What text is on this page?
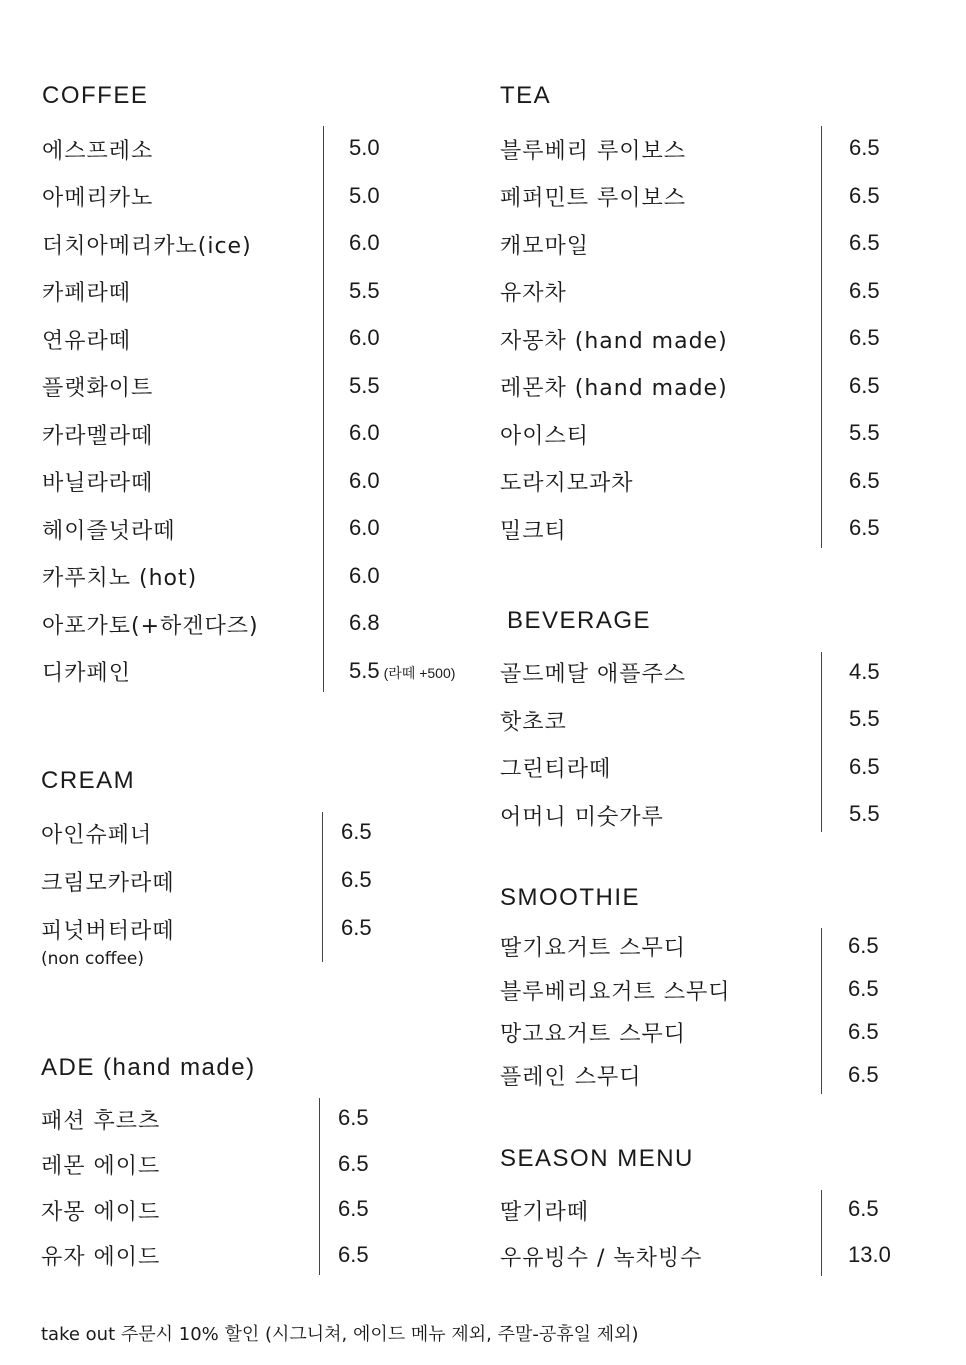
COFFEE
에스프레소	5.0
아메리카노	5.0
더치아메리카노(ice)	6.0
카페라떼	5.5
연유라떼	6.0
플랫화이트	5.5
카라멜라떼	6.0
바닐라라떼	6.0
헤이즐넛라떼	6.0
카푸치노 (hot)	6.0
아포가토(+하겐다즈)	6.8
디카페인	5.5 (라떼 +500)
CREAM
아인슈페너	6.5
크림모카라떼	6.5
피넛버터라떼	6.5
(non coffee)
ADE (hand made)
패션 후르츠	6.5
레몬 에이드	6.5
자몽 에이드	6.5
유자 에이드	6.5
TEA
블루베리 루이보스	6.5
페퍼민트 루이보스	6.5
캐모마일	6.5
유자차	6.5
자몽차 (hand made)	6.5
레몬차 (hand made)	6.5
아이스티	5.5
도라지모과차	6.5
밀크티	6.5
BEVERAGE
골드메달 애플주스	4.5
핫초코	5.5
그린티라떼	6.5
어머니 미숫가루	5.5
SMOOTHIE
딸기요거트 스무디	6.5
블루베리요거트 스무디	6.5
망고요거트 스무디	6.5
플레인 스무디	6.5
SEASON MENU
딸기라떼	6.5
우유빙수 / 녹차빙수	13.0
take out 주문시 10% 할인 (시그니쳐, 에이드 메뉴 제외, 주말-공휴일 제외)
